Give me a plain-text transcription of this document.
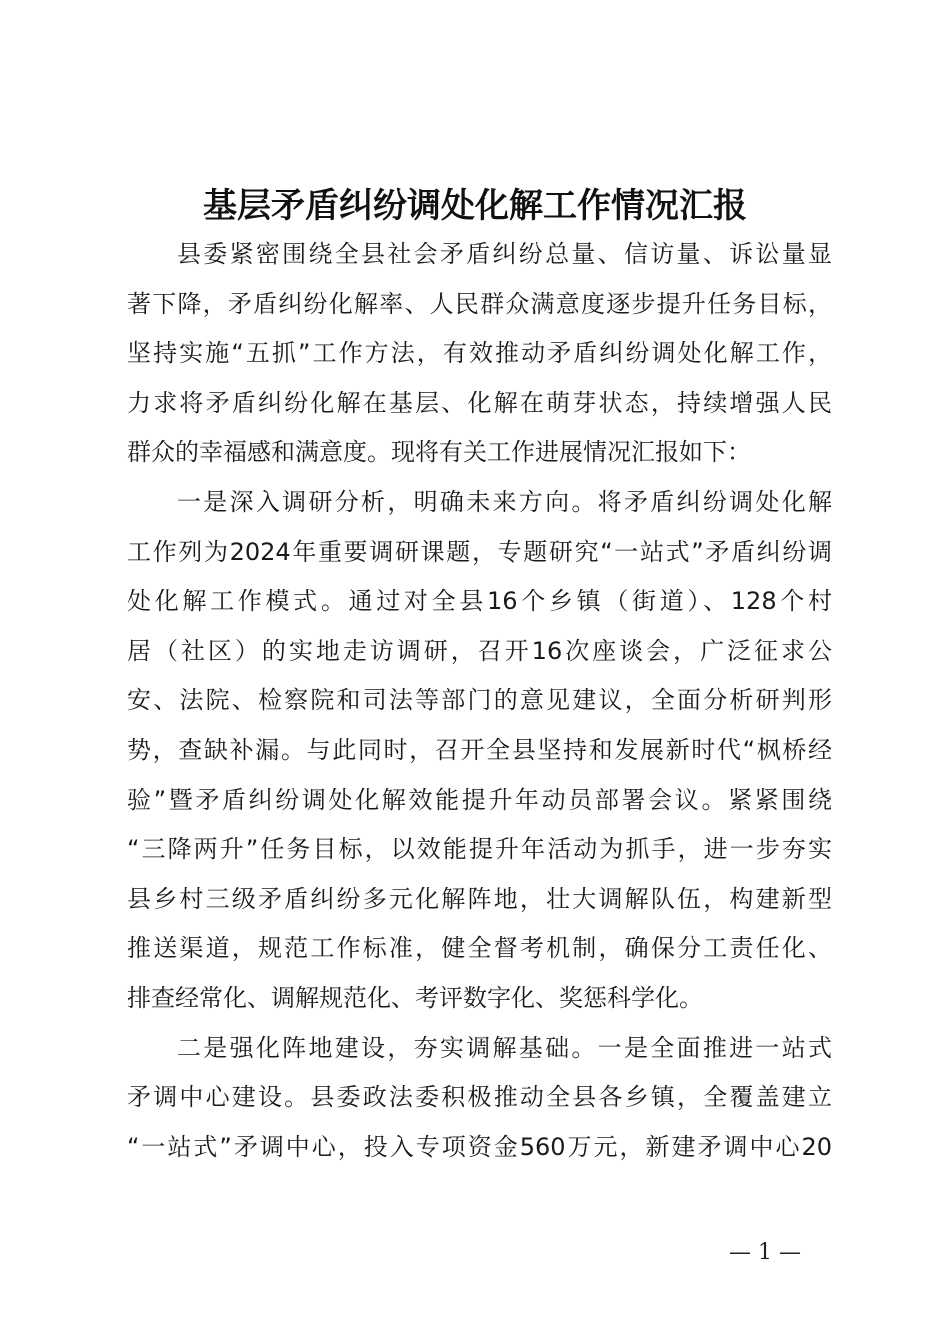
基层矛盾纠纷调处化解工作情况汇报
县委紧密围绕全县社会矛盾纠纷总量、信访量、诉讼量显
著下降，矛盾纠纷化解率、人民群众满意度逐步提升任务目标，
坚持实施“五抓”工作方法，有效推动矛盾纠纷调处化解工作，
力求将矛盾纠纷化解在基层、化解在萌芽状态，持续增强人民
群众的幸福感和满意度。现将有关工作进展情况汇报如下：
一是深入调研分析，明确未来方向。将矛盾纠纷调处化解
工作列为2024年重要调研课题，专题研究“一站式”矛盾纠纷调
处化解工作模式。通过对全县16个乡镇（街道）、128个村
居（社区）的实地走访调研，召开16次座谈会，广泛征求公
安、法院、检察院和司法等部门的意见建议，全面分析研判形
势，查缺补漏。与此同时，召开全县坚持和发展新时代“枫桥经
验”暨矛盾纠纷调处化解效能提升年动员部署会议。紧紧围绕
“三降两升”任务目标，以效能提升年活动为抓手，进一步夯实
县乡村三级矛盾纠纷多元化解阵地，壮大调解队伍，构建新型
推送渠道，规范工作标准，健全督考机制，确保分工责任化、
排查经常化、调解规范化、考评数字化、奖惩科学化。
二是强化阵地建设，夯实调解基础。一是全面推进一站式
矛调中心建设。县委政法委积极推动全县各乡镇，全覆盖建立
“一站式”矛调中心，投入专项资金560万元，新建矛调中心20
— 1 —
